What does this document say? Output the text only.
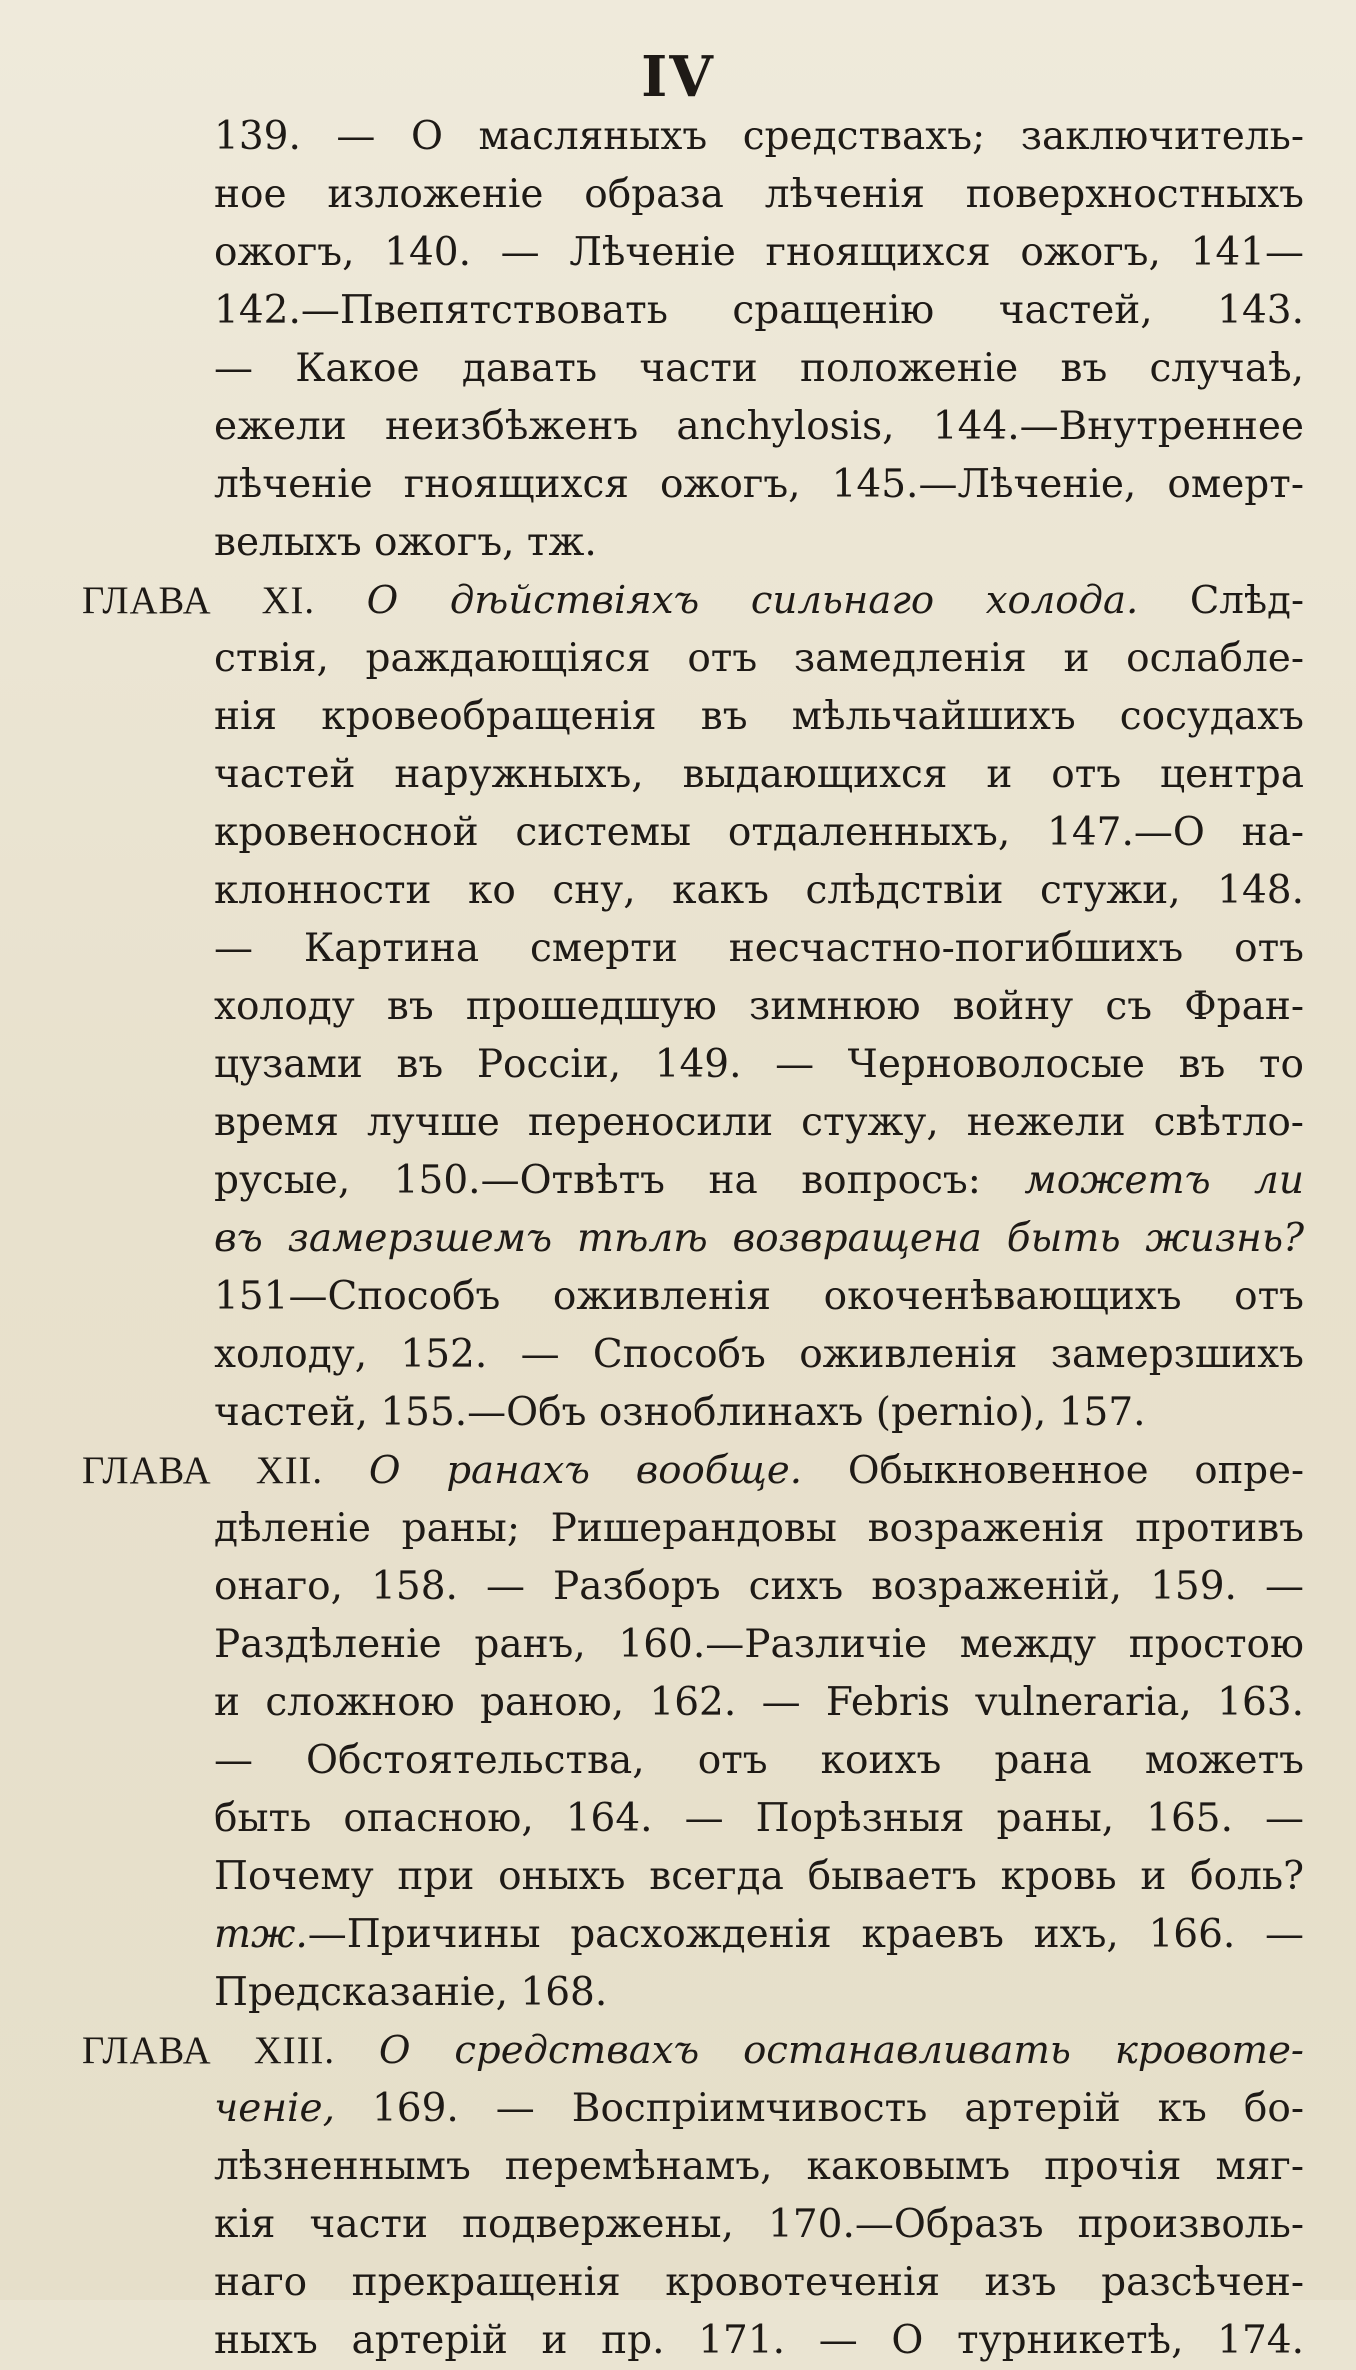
IV
139. — О масляныхъ средствахъ; заключитель-
ное изложеніе образа лѣченія поверхностныхъ
ожогъ, 140. — Лѣченіе гноящихся ожогъ, 141—
142.—Пвепятствовать сращенію частей, 143.
— Какое давать части положеніе въ случаѣ,
ежели неизбѣженъ anchylosis, 144.—Внутреннее
лѣченіе гноящихся ожогъ, 145.—Лѣченіе, омерт-
велыхъ ожогъ, тж.
ГЛАВА XI. О дѣйствіяхъ сильнаго холода. Слѣд-
ствія, раждающіяся отъ замедленія и ослабле-
нія кровеобращенія въ мѣльчайшихъ сосудахъ
частей наружныхъ, выдающихся и отъ центра
кровеносной системы отдаленныхъ, 147.—О на-
клонности ко сну, какъ слѣдствіи стужи, 148.
— Картина смерти несчастно-погибшихъ отъ
холоду въ прошедшую зимнюю войну съ Фран-
цузами въ Россіи, 149. — Черноволосые въ то
время лучше переносили стужу, нежели свѣтло-
русые, 150.—Отвѣтъ на вопросъ: можетъ ли
въ замерзшемъ тѣлѣ возвращена быть жизнь?
151—Способъ оживленія окоченѣвающихъ отъ
холоду, 152. — Способъ оживленія замерзшихъ
частей, 155.—Объ озноблинахъ (pernio), 157.
ГЛАВА XII. О ранахъ вообще. Обыкновенное опре-
дѣленіе раны; Ришерандовы возраженія противъ
онаго, 158. — Разборъ сихъ возраженій, 159. —
Раздѣленіе ранъ, 160.—Различіе между простою
и сложною раною, 162. — Febris vulneraria, 163.
— Обстоятельства, отъ коихъ рана можетъ
быть опасною, 164. — Порѣзныя раны, 165. —
Почему при оныхъ всегда бываетъ кровь и боль?
тж.—Причины расхожденія краевъ ихъ, 166. —
Предсказаніе, 168.
ГЛАВА XIII. О средствахъ останавливать кровоте-
ченіе, 169. — Воспріимчивость артерій къ бо-
лѣзненнымъ перемѣнамъ, каковымъ прочія мяг-
кія части подвержены, 170.—Образъ произволь-
наго прекращенія кровотеченія изъ разсѣчен-
ныхъ артерій и пр. 171. — О турникетѣ, 174.
